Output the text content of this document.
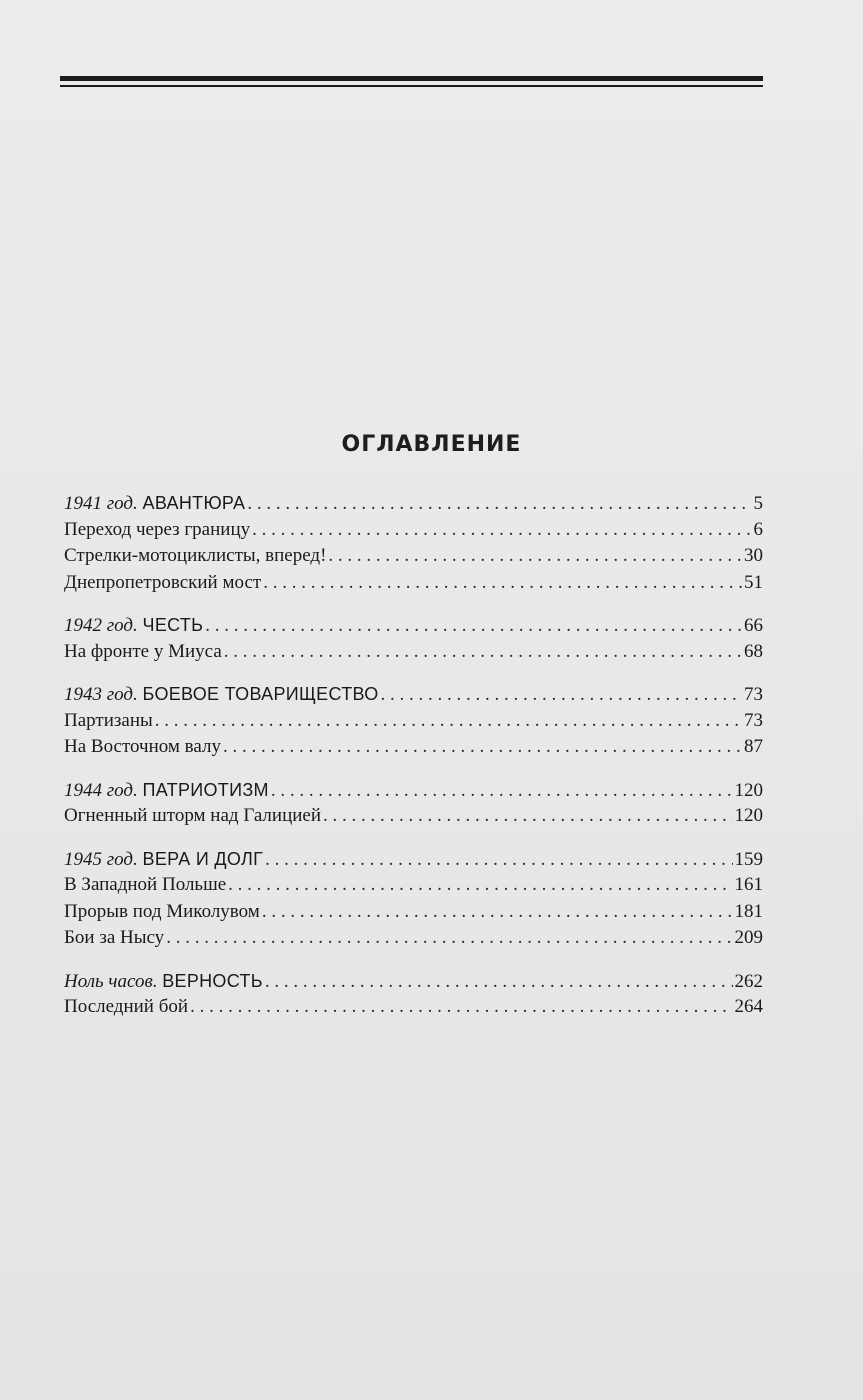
ОГЛАВЛЕНИЕ
1941 год. АВАНТЮРА . . .	5
Переход через границу . . .	6
Стрелки-мотоциклисты, вперед! . . .	30
Днепропетровский мост . . .	51
1942 год. ЧЕСТЬ . . .	66
На фронте у Миуса . . .	68
1943 год. БОЕВОЕ ТОВАРИЩЕСТВО . . .	73
Партизаны . . .	73
На Восточном валу . . .	87
1944 год. ПАТРИОТИЗМ . . .	120
Огненный шторм над Галицией . . .	120
1945 год. ВЕРА И ДОЛГ . . .	159
В Западной Польше . . .	161
Прорыв под Миколувом . . .	181
Бои за Нысу . . .	209
Ноль часов. ВЕРНОСТЬ . . .	262
Последний бой . . .	264
